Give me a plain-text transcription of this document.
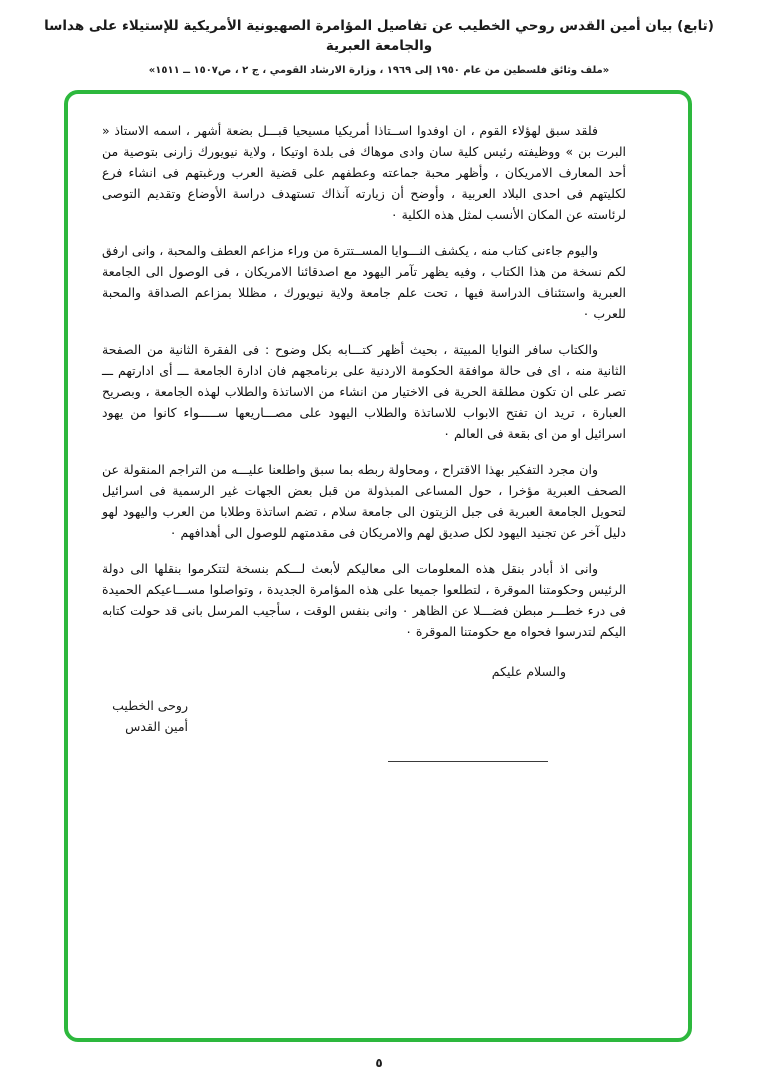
(تابع) بيان أمين القدس روحي الخطيب عن تفاصيل المؤامرة الصهيونية الأمريكية للإستيلاء على هداسا والجامعة العبرية
«ملف وثائق فلسطين من عام ١٩٥٠ إلى ١٩٦٩ ، وزارة الارشاد القومي ، ج ٢ ، ص١٥٠٧ ــ ١٥١١»

فلقد سبق لهؤلاء القوم ، ان اوفدوا اســتاذا أمريكيا مسيحيا قبـــل بضعة أشهر ، اسمه الاستاذ « البرت بن » ووظيفته رئيس كلية سان وادى موهاك فى بلدة اوتيكا ، ولاية نيويورك زارنى بتوصية من أحد المعارف الامريكان ، وأظهر محبة جماعته وعطفهم على قضية العرب ورغبتهم فى انشاء فرع لكليتهم فى احدى البلاد العربية ، وأوضح أن زيارته آنذاك تستهدف دراسة الأوضاع وتقديم التوصى لرئاسته عن المكان الأنسب لمثل هذه الكلية ٠

واليوم جاءنى كتاب منه ، يكشف النـــوايا المســتترة من وراء مزاعم العطف والمحبة ، وانى ارفق لكم نسخة من هذا الكتاب ، وفيه يظهر تآمر اليهود مع اصدقائنا الامريكان ، فى الوصول الى الجامعة العبرية واستئناف الدراسة فيها ، تحت علم جامعة ولاية نيويورك ، مظللا بمزاعم الصداقة والمحبة للعرب ٠

والكتاب سافر النوايا المبيتة ، بحيث أظهر كتـــابه بكل وضوح : فى الفقرة الثانية من الصفحة الثانية منه ، اى فى حالة موافقة الحكومة الاردنية على برنامجهم فان ادارة الجامعة ـــ أى ادارتهم ـــ تصر على ان تكون مطلقة الحرية فى الاختيار من انشاء من الاساتذة والطلاب لهذه الجامعة ، وبصريح العبارة ، تريد ان تفتح الابواب للاساتذة والطلاب اليهود على مصـــاريعها ســـــواء كانوا من يهود اسرائيل او من اى بقعة فى العالم ٠

وان مجرد التفكير بهذا الاقتراح ، ومحاولة ربطه بما سبق واطلعنا عليـــه من التراجم المنقولة عن الصحف العبرية مؤخرا ، حول المساعى المبذولة من قبل بعض الجهات غير الرسمية فى اسرائيل لتحويل الجامعة العبرية فى جبل الزيتون الى جامعة سلام ، تضم اساتذة وطلابا من العرب واليهود لهو دليل آخر عن تجنيد اليهود لكل صديق لهم والامريكان فى مقدمتهم للوصول الى أهدافهم ٠

وانى اذ أبادر بنقل هذه المعلومات الى معاليكم لأبعث لـــكم بنسخة لتتكرموا بنقلها الى دولة الرئيس وحكومتنا الموقرة ، لتطلعوا جميعا على هذه المؤامرة الجديدة ، وتواصلوا مســـاعيكم الحميدة فى درء خطـــر مبطن فضـــلا عن الظاهر ٠ وانى بنفس الوقت ، سأجيب المرسل بانى قد حولت كتابه اليكم لتدرسوا فحواه مع حكومتنا الموقرة ٠

والسلام عليكم
روحى الخطيب
أمين القدس
٥
